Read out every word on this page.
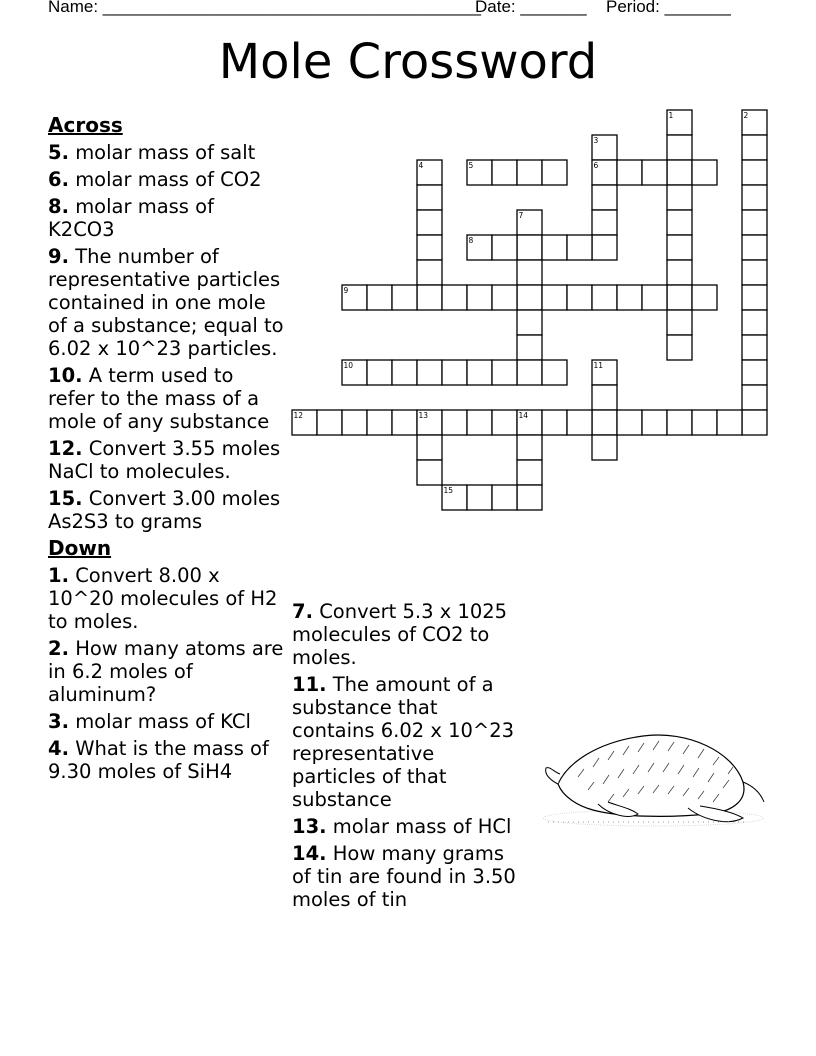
Name: ________________________________________
Date: _______ Period: _______
Mole Crossword
Across
5. molar mass of salt
6. molar mass of CO2
8. molar mass of K2CO3
9. The number of representative particles contained in one mole of a substance; equal to 6.02 x 10^23 particles.
10. A term used to refer to the mass of a mole of any substance
12. Convert 3.55 moles NaCl to molecules.
15. Convert 3.00 moles As2S3 to grams
Down
1. Convert 8.00 x 10^20 molecules of H2 to moles.
2. How many atoms are in 6.2 moles of aluminum?
3. molar mass of KCl
4. What is the mass of 9.30 moles of SiH4
7. Convert 5.3 x 1025 molecules of CO2 to moles.
11. The amount of a substance that contains 6.02 x 10^23 representative particles of that substance
13. molar mass of HCl
14. How many grams of tin are found in 3.50 moles of tin
1	2
3
4	5	6
7
8
9
10	11
12	13	14
15
